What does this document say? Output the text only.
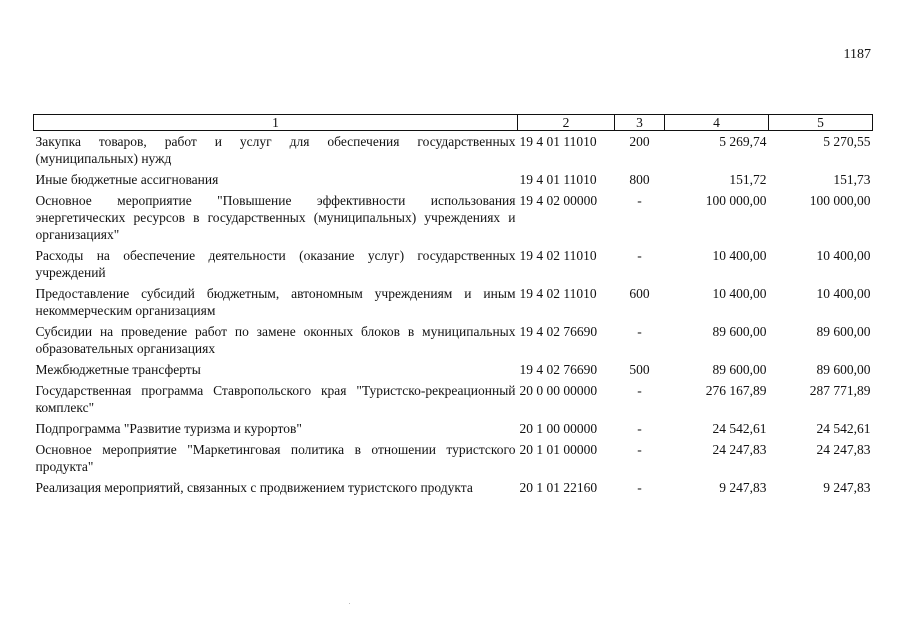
1187
1	2	3	4	5
Закупка товаров, работ и услуг для обеспечения государственных (муниципальных) нужд	19 4 01 11010	200	5 269,74	5 270,55
Иные бюджетные ассигнования	19 4 01 11010	800	151,72	151,73
Основное мероприятие "Повышение эффективности использования энергетических ресурсов в государственных (муниципальных) учреждениях и организациях"	19 4 02 00000	-	100 000,00	100 000,00
Расходы на обеспечение деятельности (оказание услуг) государственных учреждений	19 4 02 11010	-	10 400,00	10 400,00
Предоставление субсидий бюджетным, автономным учреждениям и иным некоммерческим организациям	19 4 02 11010	600	10 400,00	10 400,00
Субсидии на проведение работ по замене оконных блоков в муниципальных образовательных организациях	19 4 02 76690	-	89 600,00	89 600,00
Межбюджетные трансферты	19 4 02 76690	500	89 600,00	89 600,00
Государственная программа Ставропольского края "Туристско-рекреационный комплекс"	20 0 00 00000	-	276 167,89	287 771,89
Подпрограмма "Развитие туризма и курортов"	20 1 00 00000	-	24 542,61	24 542,61
Основное мероприятие "Маркетинговая политика в отношении туристского продукта"	20 1 01 00000	-	24 247,83	24 247,83
Реализация мероприятий, связанных с продвижением туристского продукта	20 1 01 22160	-	9 247,83	9 247,83
